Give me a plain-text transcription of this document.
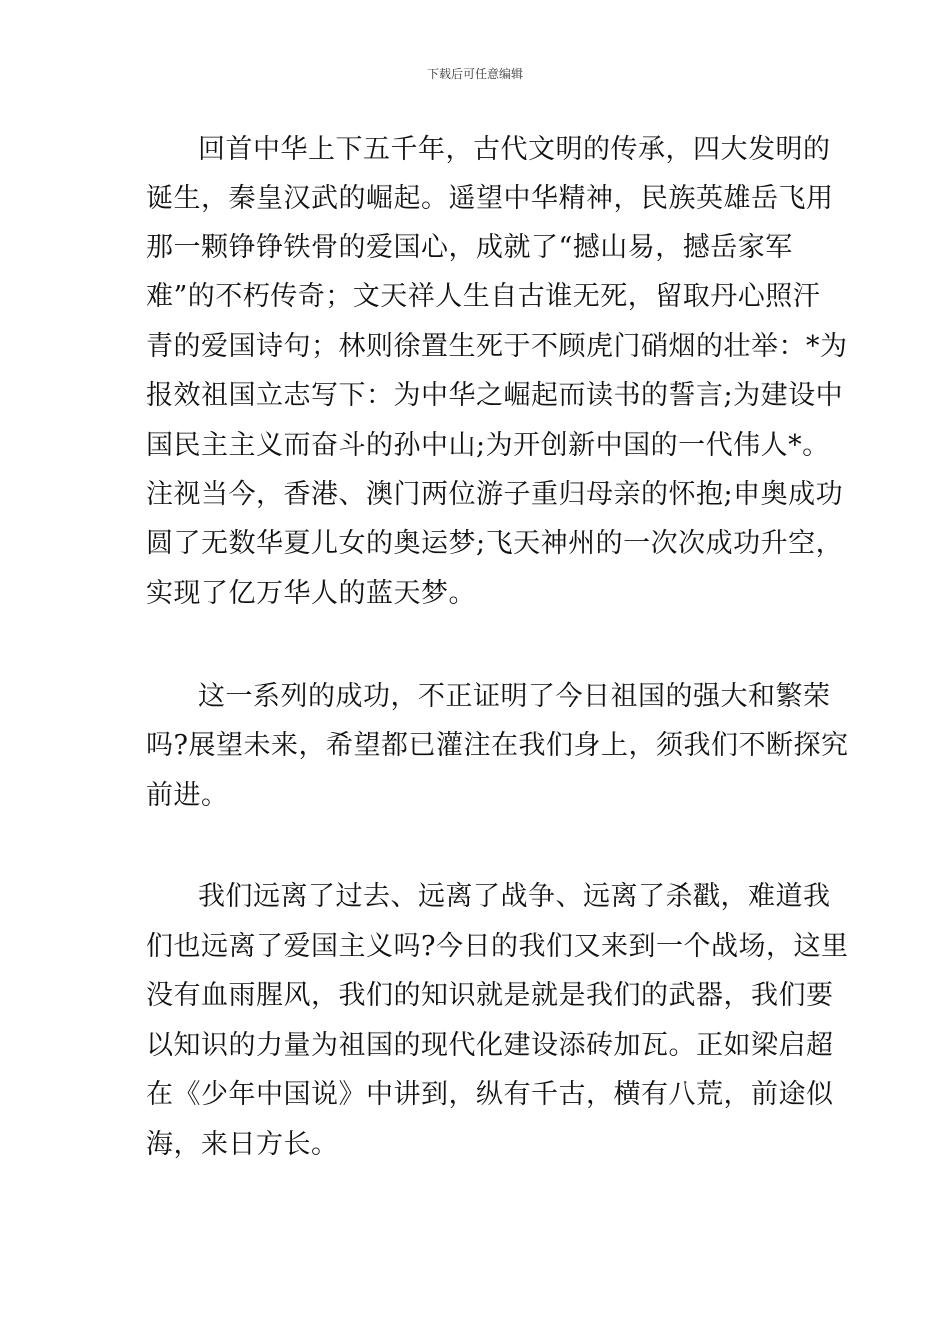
下载后可任意编辑
回首中华上下五千年，古代文明的传承，四大发明的
诞生，秦皇汉武的崛起。遥望中华精神，民族英雄岳飞用
那一颗铮铮铁骨的爱国心，成就了“撼山易，撼岳家军
难”的不朽传奇；文天祥人生自古谁无死，留取丹心照汗
青的爱国诗句；林则徐置生死于不顾虎门硝烟的壮举：*为
报效祖国立志写下：为中华之崛起而读书的誓言;为建设中
国民主主义而奋斗的孙中山;为开创新中国的一代伟人*。
注视当今，香港、澳门两位游子重归母亲的怀抱;申奥成功
圆了无数华夏儿女的奥运梦;飞天神州的一次次成功升空，
实现了亿万华人的蓝天梦。
这一系列的成功，不正证明了今日祖国的强大和繁荣
吗?展望未来，希望都已灌注在我们身上，须我们不断探究
前进。
我们远离了过去、远离了战争、远离了杀戳，难道我
们也远离了爱国主义吗?今日的我们又来到一个战场，这里
没有血雨腥风，我们的知识就是就是我们的武器，我们要
以知识的力量为祖国的现代化建设添砖加瓦。正如梁启超
在《少年中国说》中讲到，纵有千古，横有八荒，前途似
海，来日方长。
